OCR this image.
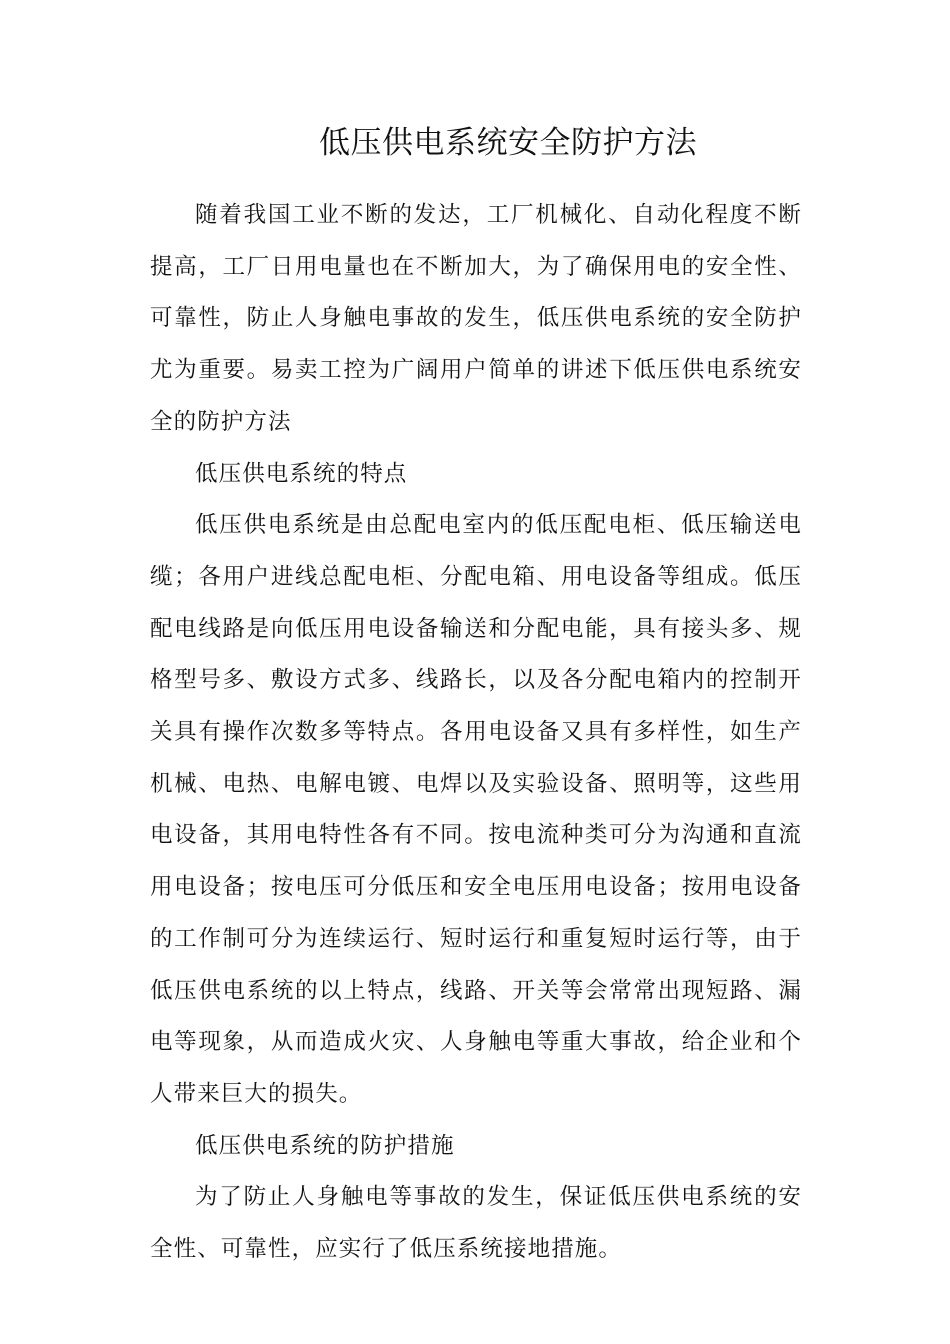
低压供电系统安全防护方法

随着我国工业不断的发达，工厂机械化、自动化程度不断提高，工厂日用电量也在不断加大，为了确保用电的安全性、可靠性，防止人身触电事故的发生，低压供电系统的安全防护尤为重要。易卖工控为广阔用户简单的讲述下低压供电系统安全的防护方法

低压供电系统的特点

低压供电系统是由总配电室内的低压配电柜、低压输送电缆；各用户进线总配电柜、分配电箱、用电设备等组成。低压配电线路是向低压用电设备输送和分配电能，具有接头多、规格型号多、敷设方式多、线路长，以及各分配电箱内的控制开关具有操作次数多等特点。各用电设备又具有多样性，如生产机械、电热、电解电镀、电焊以及实验设备、照明等，这些用电设备，其用电特性各有不同。按电流种类可分为沟通和直流用电设备；按电压可分低压和安全电压用电设备；按用电设备的工作制可分为连续运行、短时运行和重复短时运行等，由于低压供电系统的以上特点，线路、开关等会常常出现短路、漏电等现象，从而造成火灾、人身触电等重大事故，给企业和个人带来巨大的损失。

低压供电系统的防护措施

为了防止人身触电等事故的发生，保证低压供电系统的安全性、可靠性，应实行了低压系统接地措施。
